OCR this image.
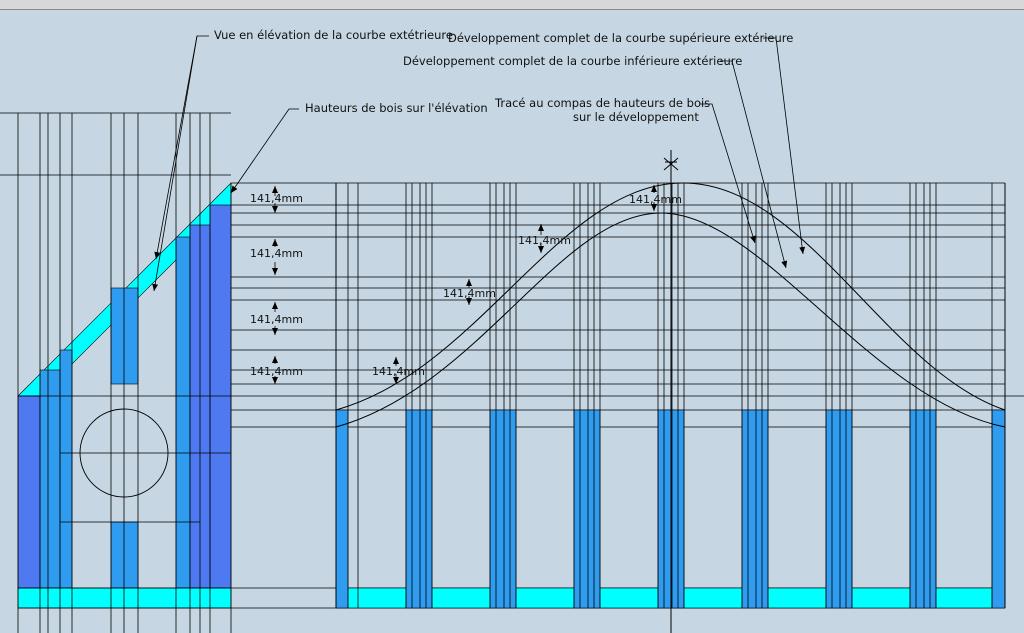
141,4mm
141,4mm
141,4mm
141,4mm	141,4mm
141,4mm
141,4mm
141,4mm
Vue en élévation de la courbe extétrieure
Hauteurs de bois sur l'élévation
Développement complet de la courbe supérieure extérieure
Développement complet de la courbe inférieure extérieure
Tracé au compas de hauteurs de bois
sur le développement
